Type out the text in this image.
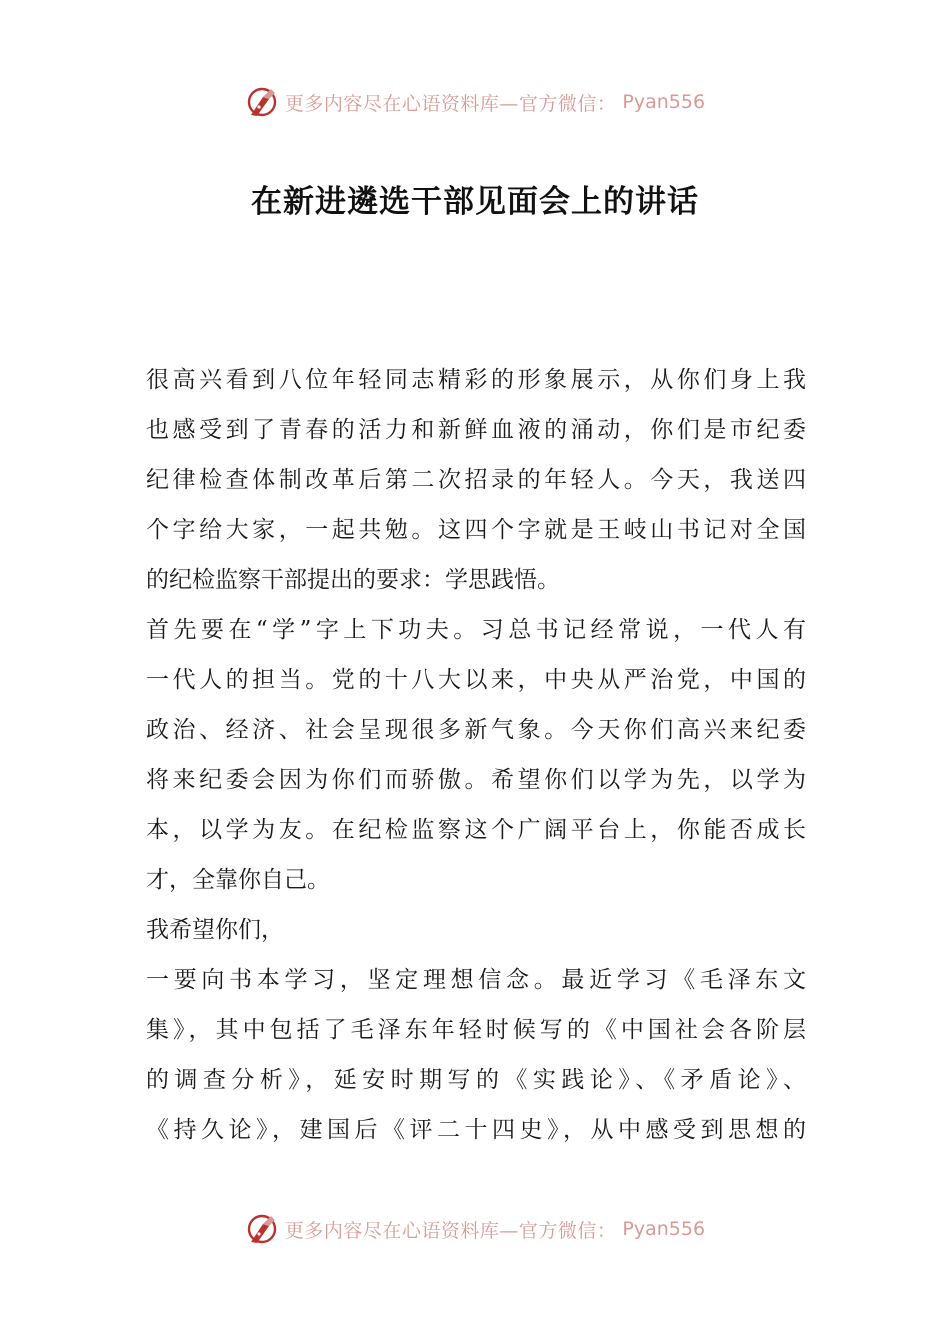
更多内容尽在心语资料库—官方微信： Pyan556
在新进遴选干部见面会上的讲话
很高兴看到八位年轻同志精彩的形象展示，从你们身上我
也感受到了青春的活力和新鲜血液的涌动，你们是市纪委
纪律检查体制改革后第二次招录的年轻人。今天，我送四
个字给大家，一起共勉。这四个字就是王岐山书记对全国
的纪检监察干部提出的要求：学思践悟。
首先要在“学”字上下功夫。习总书记经常说，一代人有
一代人的担当。党的十八大以来，中央从严治党，中国的
政治、经济、社会呈现很多新气象。今天你们高兴来纪委
将来纪委会因为你们而骄傲。希望你们以学为先，以学为
本，以学为友。在纪检监察这个广阔平台上，你能否成长
才，全靠你自己。
我希望你们，
一要向书本学习，坚定理想信念。最近学习《毛泽东文
集》，其中包括了毛泽东年轻时候写的《中国社会各阶层
的调查分析》，延安时期写的《实践论》、《矛盾论》、
《持久论》，建国后《评二十四史》，从中感受到思想的
更多内容尽在心语资料库—官方微信： Pyan556
